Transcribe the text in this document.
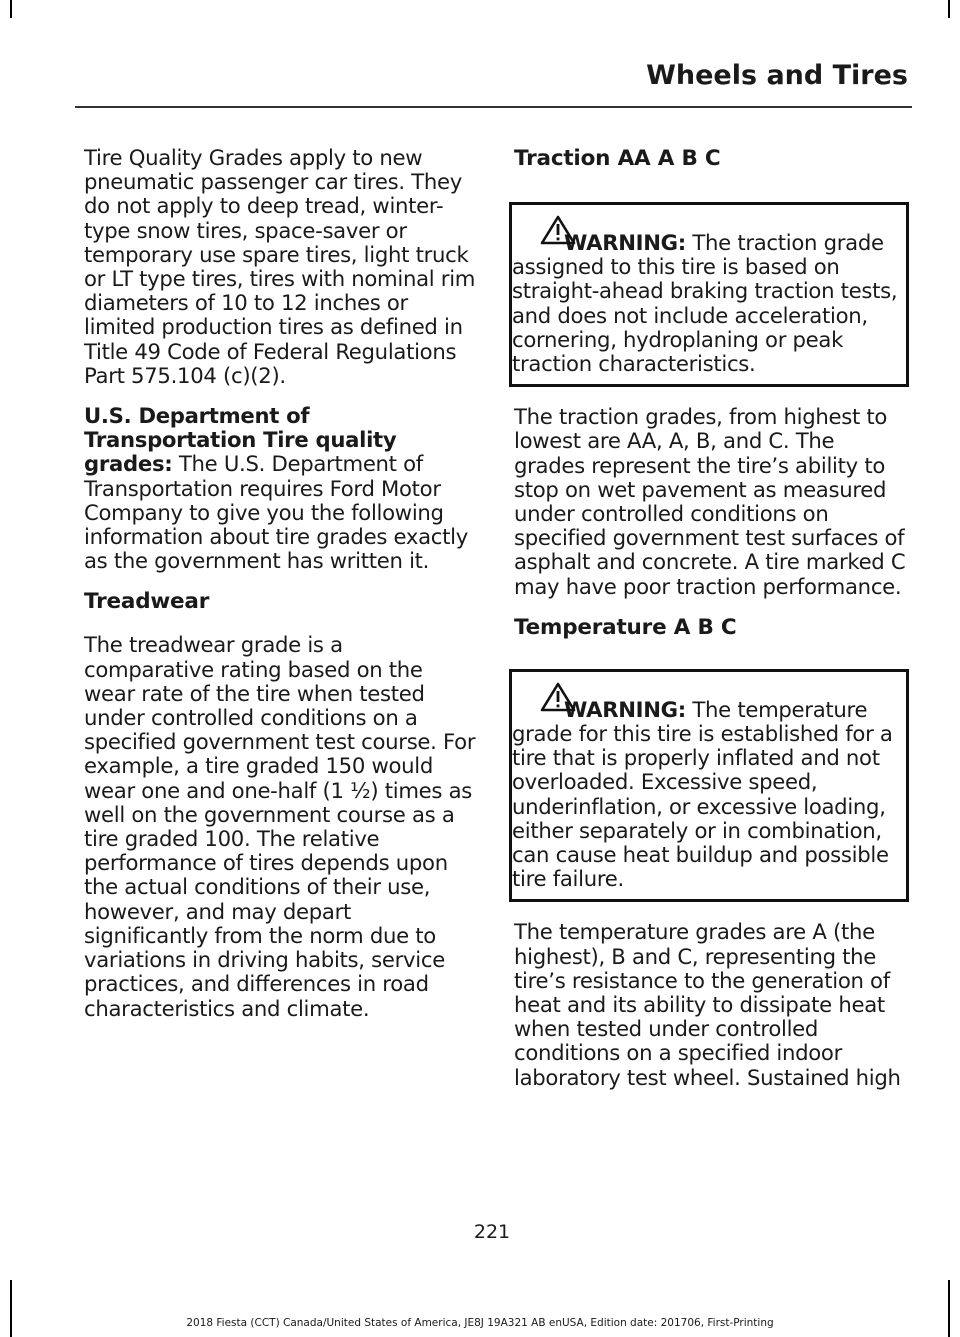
Wheels and Tires

Tire Quality Grades apply to new pneumatic passenger car tires. They do not apply to deep tread, winter-type snow tires, space-saver or temporary use spare tires, light truck or LT type tires, tires with nominal rim diameters of 10 to 12 inches or limited production tires as defined in Title 49 Code of Federal Regulations Part 575.104 (c)(2).

U.S. Department of Transportation Tire quality grades: The U.S. Department of Transportation requires Ford Motor Company to give you the following information about tire grades exactly as the government has written it.

Treadwear

The treadwear grade is a comparative rating based on the wear rate of the tire when tested under controlled conditions on a specified government test course. For example, a tire graded 150 would wear one and one-half (1 ½) times as well on the government course as a tire graded 100. The relative performance of tires depends upon the actual conditions of their use, however, and may depart significantly from the norm due to variations in driving habits, service practices, and differences in road characteristics and climate.

Traction AA A B C

WARNING: The traction grade assigned to this tire is based on straight-ahead braking traction tests, and does not include acceleration, cornering, hydroplaning or peak traction characteristics.

The traction grades, from highest to lowest are AA, A, B, and C. The grades represent the tire’s ability to stop on wet pavement as measured under controlled conditions on specified government test surfaces of asphalt and concrete. A tire marked C may have poor traction performance.

Temperature A B C

WARNING: The temperature grade for this tire is established for a tire that is properly inflated and not overloaded. Excessive speed, underinflation, or excessive loading, either separately or in combination, can cause heat buildup and possible tire failure.

The temperature grades are A (the highest), B and C, representing the tire’s resistance to the generation of heat and its ability to dissipate heat when tested under controlled conditions on a specified indoor laboratory test wheel. Sustained high

221
2018 Fiesta (CCT) Canada/United States of America, JE8J 19A321 AB enUSA, Edition date: 201706, First-Printing
